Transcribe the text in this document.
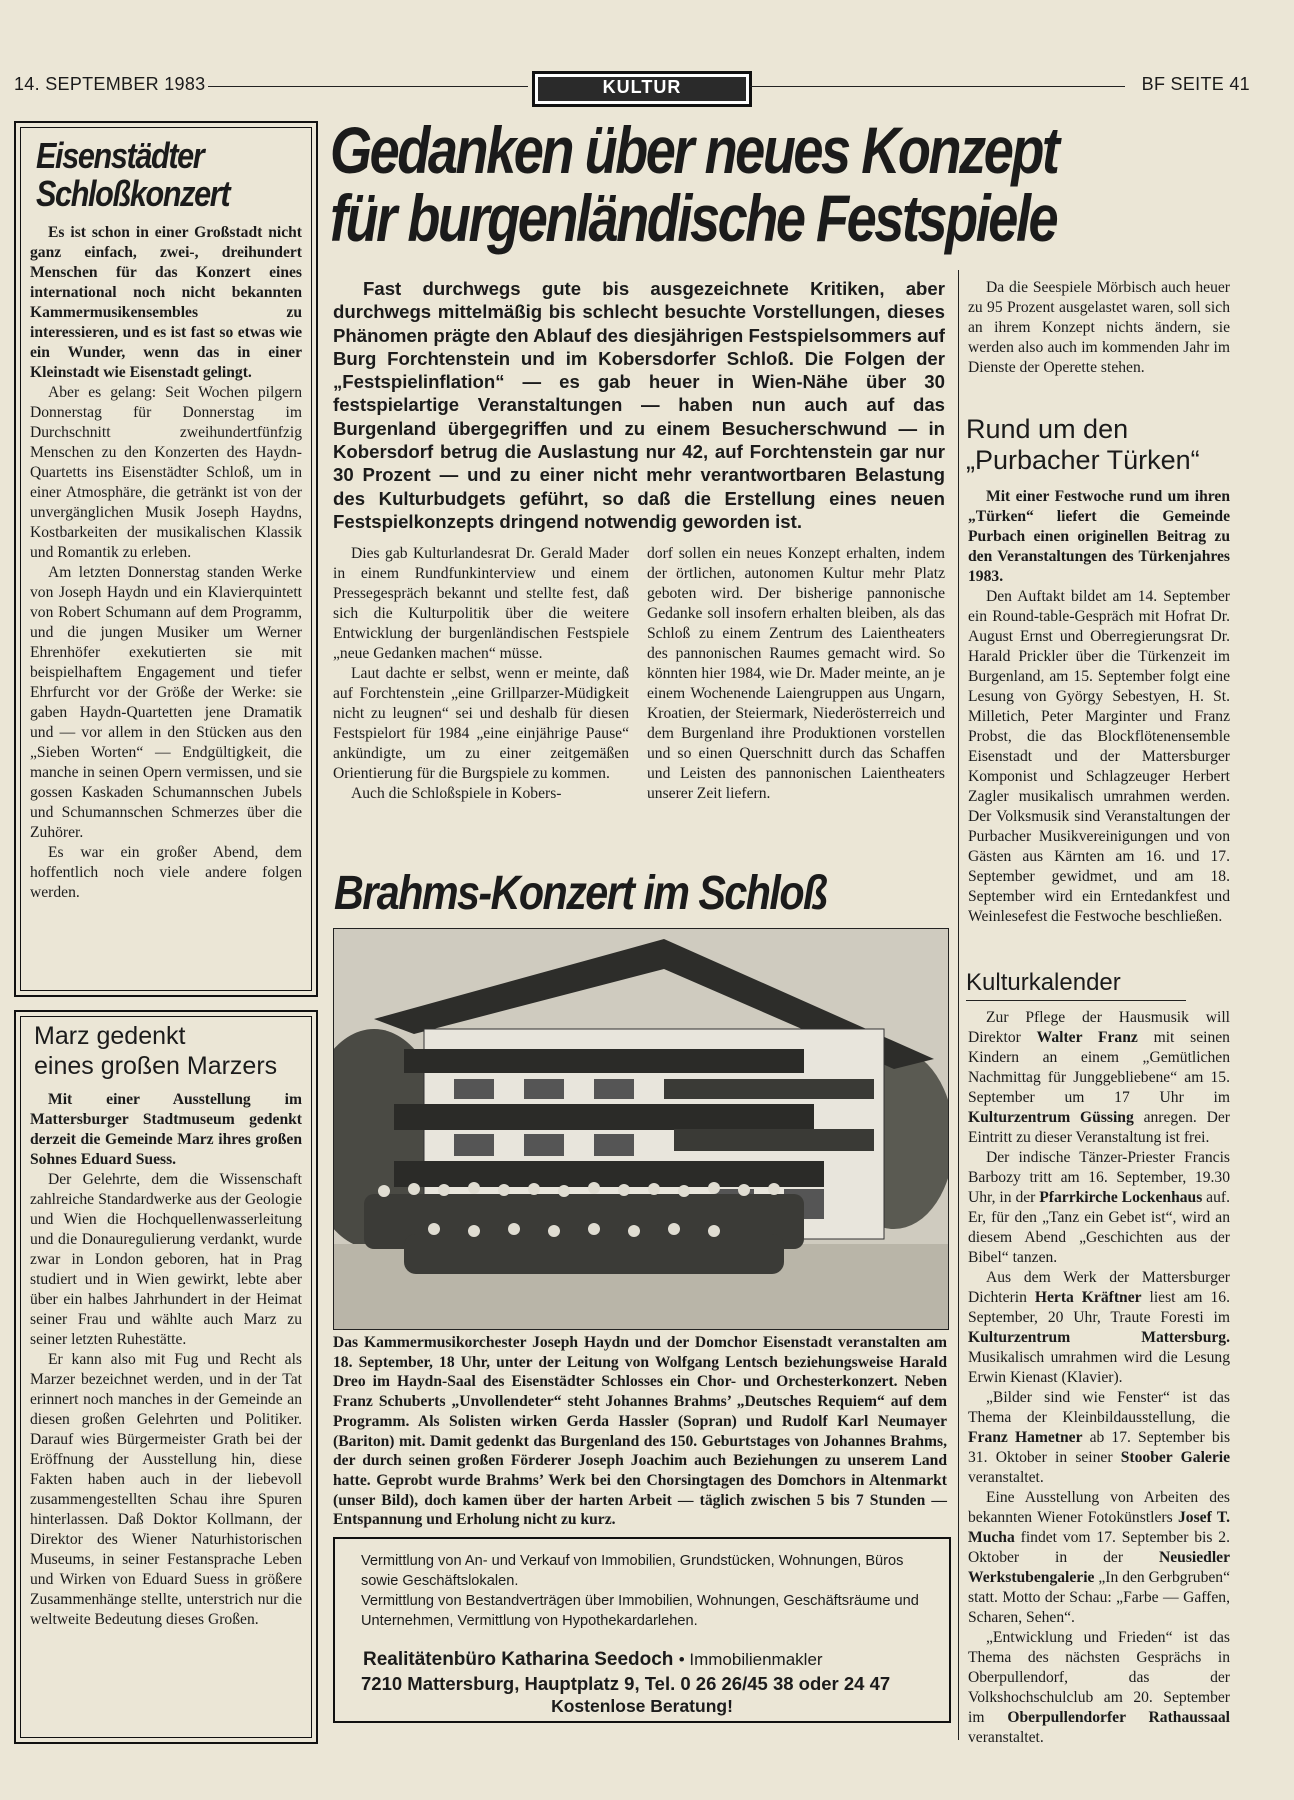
14. SEPTEMBER 1983	KULTUR	BF SEITE 41
Eisenstädter
Schloßkonzert

Es ist schon in einer Großstadt nicht ganz einfach, zwei-, dreihundert Menschen für das Konzert eines international noch nicht bekannten Kammermusikensembles zu interessieren, und es ist fast so etwas wie ein Wunder, wenn das in einer Kleinstadt wie Eisenstadt gelingt.

Aber es gelang: Seit Wochen pilgern Donnerstag für Donnerstag im Durchschnitt zweihundertfünfzig Menschen zu den Konzerten des Haydn-Quartetts ins Eisenstädter Schloß, um in einer Atmosphäre, die getränkt ist von der unvergänglichen Musik Joseph Haydns, Kostbarkeiten der musikalischen Klassik und Romantik zu erleben.

Am letzten Donnerstag standen Werke von Joseph Haydn und ein Klavierquintett von Robert Schumann auf dem Programm, und die jungen Musiker um Werner Ehrenhöfer exekutierten sie mit beispielhaftem Engagement und tiefer Ehrfurcht vor der Größe der Werke: sie gaben Haydn-Quartetten jene Dramatik und — vor allem in den Stücken aus den „Sieben Worten“ — Endgültigkeit, die manche in seinen Opern vermissen, und sie gossen Kaskaden Schumannschen Jubels und Schumannschen Schmerzes über die Zuhörer.

Es war ein großer Abend, dem hoffentlich noch viele andere folgen werden.

Marz gedenkt
eines großen Marzers

Mit einer Ausstellung im Mattersburger Stadtmuseum gedenkt derzeit die Gemeinde Marz ihres großen Sohnes Eduard Suess.

Der Gelehrte, dem die Wissenschaft zahlreiche Standardwerke aus der Geologie und Wien die Hochquellenwasserleitung und die Donauregulierung verdankt, wurde zwar in London geboren, hat in Prag studiert und in Wien gewirkt, lebte aber über ein halbes Jahrhundert in der Heimat seiner Frau und wählte auch Marz zu seiner letzten Ruhestätte.

Er kann also mit Fug und Recht als Marzer bezeichnet werden, und in der Tat erinnert noch manches in der Gemeinde an diesen großen Gelehrten und Politiker. Darauf wies Bürgermeister Grath bei der Eröffnung der Ausstellung hin, diese Fakten haben auch in der liebevoll zusammengestellten Schau ihre Spuren hinterlassen. Daß Doktor Kollmann, der Direktor des Wiener Naturhistorischen Museums, in seiner Festansprache Leben und Wirken von Eduard Suess in größere Zusammenhänge stellte, unterstrich nur die weltweite Bedeutung dieses Großen.

Gedanken über neues Konzept
für burgenländische Festspiele

Fast durchwegs gute bis ausgezeichnete Kritiken, aber durchwegs mittelmäßig bis schlecht besuchte Vorstellungen, dieses Phänomen prägte den Ablauf des diesjährigen Festspielsommers auf Burg Forchtenstein und im Kobersdorfer Schloß. Die Folgen der „Festspielinflation“ — es gab heuer in Wien-Nähe über 30 festspielartige Veranstaltungen — haben nun auch auf das Burgenland übergegriffen und zu einem Besucherschwund — in Kobersdorf betrug die Auslastung nur 42, auf Forchtenstein gar nur 30 Prozent — und zu einer nicht mehr verantwortbaren Belastung des Kulturbudgets geführt, so daß die Erstellung eines neuen Festspielkonzepts dringend notwendig geworden ist.

Dies gab Kulturlandesrat Dr. Gerald Mader in einem Rundfunkinterview und einem Pressegespräch bekannt und stellte fest, daß sich die Kulturpolitik über die weitere Entwicklung der burgenländischen Festspiele „neue Gedanken machen“ müsse.

Laut dachte er selbst, wenn er meinte, daß auf Forchtenstein „eine Grillparzer-Müdigkeit nicht zu leugnen“ sei und deshalb für diesen Festspielort für 1984 „eine einjährige Pause“ ankündigte, um zu einer zeitgemäßen Orientierung für die Burgspiele zu kommen.

Auch die Schloßspiele in Kobers-

dorf sollen ein neues Konzept erhalten, indem der örtlichen, autonomen Kultur mehr Platz geboten wird. Der bisherige pannonische Gedanke soll insofern erhalten bleiben, als das Schloß zu einem Zentrum des Laientheaters des pannonischen Raumes gemacht wird. So könnten hier 1984, wie Dr. Mader meinte, an je einem Wochenende Laiengruppen aus Ungarn, Kroatien, der Steiermark, Niederösterreich und dem Burgenland ihre Produktionen vorstellen und so einen Querschnitt durch das Schaffen und Leisten des pannonischen Laientheaters unserer Zeit liefern.

Brahms-Konzert im Schloß
Das Kammermusikorchester Joseph Haydn und der Domchor Eisenstadt veranstalten am 18. September, 18 Uhr, unter der Leitung von Wolfgang Lentsch beziehungsweise Harald Dreo im Haydn-Saal des Eisenstädter Schlosses ein Chor- und Orchesterkonzert. Neben Franz Schuberts „Unvollendeter“ steht Johannes Brahms’ „Deutsches Requiem“ auf dem Programm. Als Solisten wirken Gerda Hassler (Sopran) und Rudolf Karl Neumayer (Bariton) mit. Damit gedenkt das Burgenland des 150. Geburtstages von Johannes Brahms, der durch seinen großen Förderer Joseph Joachim auch Beziehungen zu unserem Land hatte. Geprobt wurde Brahms’ Werk bei den Chorsingtagen des Domchors in Altenmarkt (unser Bild), doch kamen über der harten Arbeit — täglich zwischen 5 bis 7 Stunden — Entspannung und Erholung nicht zu kurz.
Vermittlung von An- und Verkauf von Immobilien, Grundstücken, Wohnungen, Büros sowie Geschäftslokalen.
Vermittlung von Bestandverträgen über Immobilien, Wohnungen, Geschäftsräume und Unternehmen, Vermittlung von Hypothekardarlehen.
Realitätenbüro Katharina Seedoch • Immobilienmakler
7210 Mattersburg, Hauptplatz 9, Tel. 0 26 26/45 38 oder 24 47
Kostenlose Beratung!

Da die Seespiele Mörbisch auch heuer zu 95 Prozent ausgelastet waren, soll sich an ihrem Konzept nichts ändern, sie werden also auch im kommenden Jahr im Dienste der Operette stehen.

Rund um den
„Purbacher Türken“

Mit einer Festwoche rund um ihren „Türken“ liefert die Gemeinde Purbach einen originellen Beitrag zu den Veranstaltungen des Türkenjahres 1983.

Den Auftakt bildet am 14. September ein Round-table-Gespräch mit Hofrat Dr. August Ernst und Oberregierungsrat Dr. Harald Prickler über die Türkenzeit im Burgenland, am 15. September folgt eine Lesung von György Sebestyen, H. St. Milletich, Peter Marginter und Franz Probst, die das Blockflötenensemble Eisenstadt und der Mattersburger Komponist und Schlagzeuger Herbert Zagler musikalisch umrahmen werden. Der Volksmusik sind Veranstaltungen der Purbacher Musikvereinigungen und von Gästen aus Kärnten am 16. und 17. September gewidmet, und am 18. September wird ein Erntedankfest und Weinlesefest die Festwoche beschließen.

Kulturkalender

Zur Pflege der Hausmusik will Direktor Walter Franz mit seinen Kindern an einem „Gemütlichen Nachmittag für Junggebliebene“ am 15. September um 17 Uhr im Kulturzentrum Güssing anregen. Der Eintritt zu dieser Veranstaltung ist frei.

Der indische Tänzer-Priester Francis Barbozy tritt am 16. September, 19.30 Uhr, in der Pfarrkirche Lockenhaus auf. Er, für den „Tanz ein Gebet ist“, wird an diesem Abend „Geschichten aus der Bibel“ tanzen.

Aus dem Werk der Mattersburger Dichterin Herta Kräftner liest am 16. September, 20 Uhr, Traute Foresti im Kulturzentrum Mattersburg. Musikalisch umrahmen wird die Lesung Erwin Kienast (Klavier).

„Bilder sind wie Fenster“ ist das Thema der Kleinbildausstellung, die Franz Hametner ab 17. September bis 31. Oktober in seiner Stoober Galerie veranstaltet.

Eine Ausstellung von Arbeiten des bekannten Wiener Fotokünstlers Josef T. Mucha findet vom 17. September bis 2. Oktober in der Neusiedler Werkstubengalerie „In den Gerbgruben“ statt. Motto der Schau: „Farbe — Gaffen, Scharen, Sehen“.

„Entwicklung und Frieden“ ist das Thema des nächsten Gesprächs in Oberpullendorf, das der Volkshochschulclub am 20. September im Oberpullendorfer Rathaussaal veranstaltet.
